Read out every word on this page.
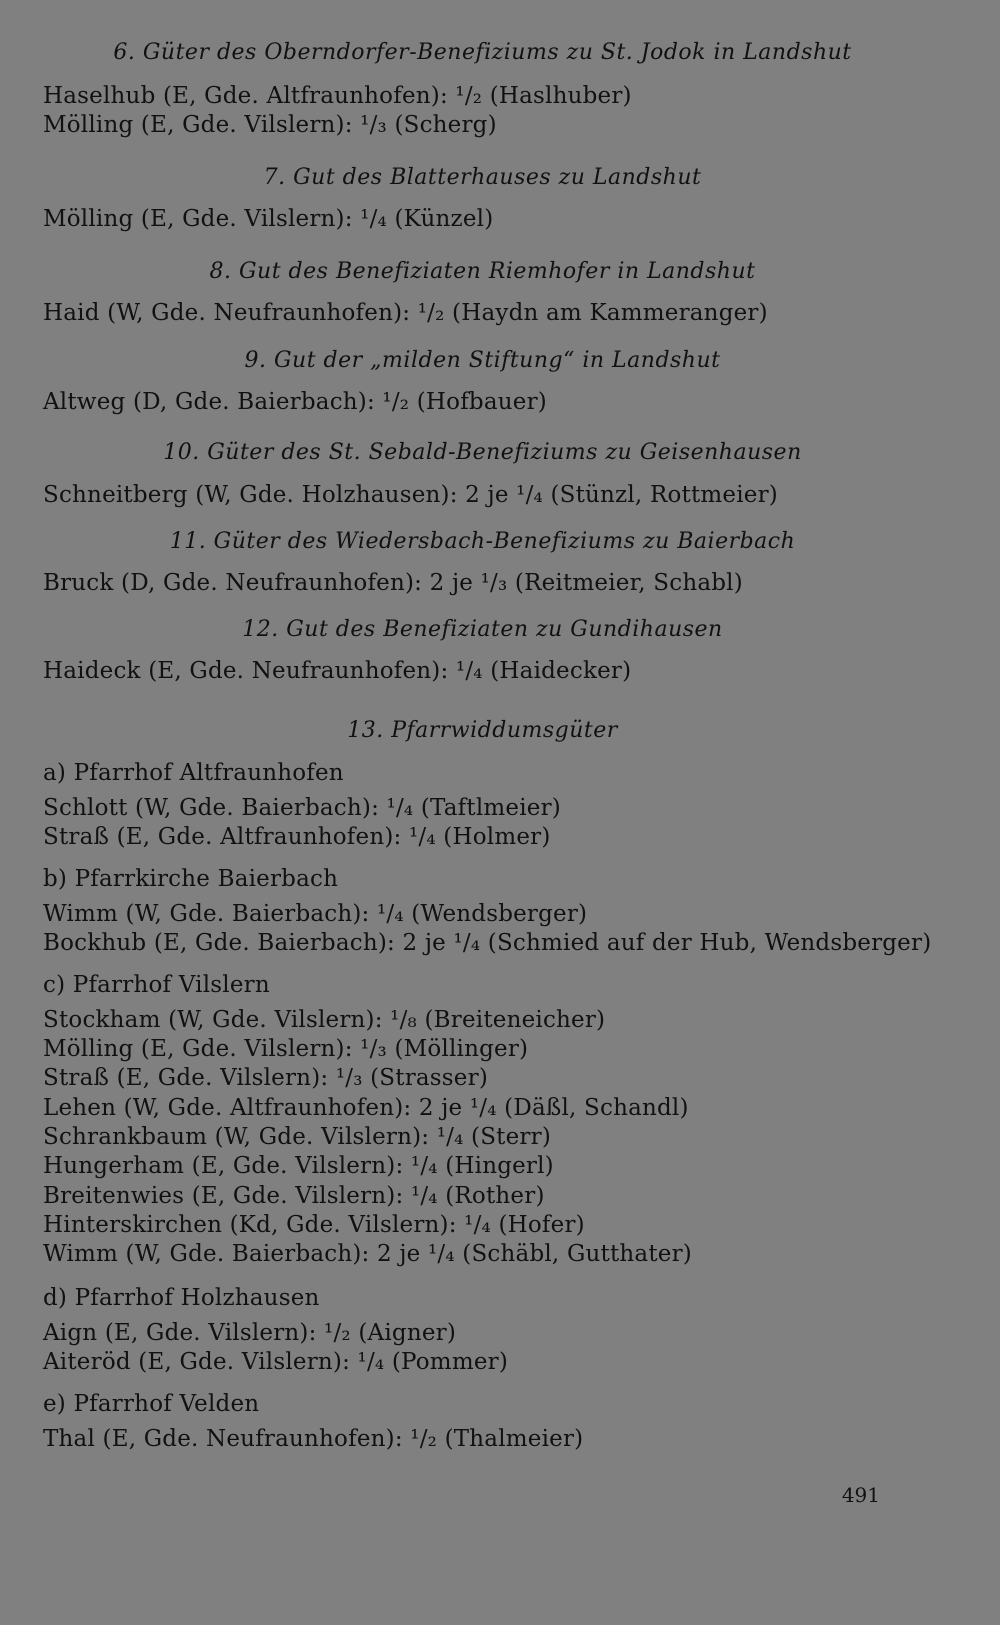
6. Güter des Oberndorfer-Benefiziums zu St. Jodok in Landshut
Haselhub (E, Gde. Altfraunhofen): ¹/₂ (Haslhuber)
Mölling (E, Gde. Vilslern): ¹/₃ (Scherg)
7. Gut des Blatterhauses zu Landshut
Mölling (E, Gde. Vilslern): ¹/₄ (Künzel)
8. Gut des Benefiziaten Riemhofer in Landshut
Haid (W, Gde. Neufraunhofen): ¹/₂ (Haydn am Kammeranger)
9. Gut der „milden Stiftung“ in Landshut
Altweg (D, Gde. Baierbach): ¹/₂ (Hofbauer)
10. Güter des St. Sebald-Benefiziums zu Geisenhausen
Schneitberg (W, Gde. Holzhausen): 2 je ¹/₄ (Stünzl, Rottmeier)
11. Güter des Wiedersbach-Benefiziums zu Baierbach
Bruck (D, Gde. Neufraunhofen): 2 je ¹/₃ (Reitmeier, Schabl)
12. Gut des Benefiziaten zu Gundihausen
Haideck (E, Gde. Neufraunhofen): ¹/₄ (Haidecker)
13. Pfarrwiddumsgüter
a) Pfarrhof Altfraunhofen
Schlott (W, Gde. Baierbach): ¹/₄ (Taftlmeier)
Straß (E, Gde. Altfraunhofen): ¹/₄ (Holmer)
b) Pfarrkirche Baierbach
Wimm (W, Gde. Baierbach): ¹/₄ (Wendsberger)
Bockhub (E, Gde. Baierbach): 2 je ¹/₄ (Schmied auf der Hub, Wendsberger)
c) Pfarrhof Vilslern
Stockham (W, Gde. Vilslern): ¹/₈ (Breiteneicher)
Mölling (E, Gde. Vilslern): ¹/₃ (Möllinger)
Straß (E, Gde. Vilslern): ¹/₃ (Strasser)
Lehen (W, Gde. Altfraunhofen): 2 je ¹/₄ (Däßl, Schandl)
Schrankbaum (W, Gde. Vilslern): ¹/₄ (Sterr)
Hungerham (E, Gde. Vilslern): ¹/₄ (Hingerl)
Breitenwies (E, Gde. Vilslern): ¹/₄ (Rother)
Hinterskirchen (Kd, Gde. Vilslern): ¹/₄ (Hofer)
Wimm (W, Gde. Baierbach): 2 je ¹/₄ (Schäbl, Gutthater)
d) Pfarrhof Holzhausen
Aign (E, Gde. Vilslern): ¹/₂ (Aigner)
Aiteröd (E, Gde. Vilslern): ¹/₄ (Pommer)
e) Pfarrhof Velden
Thal (E, Gde. Neufraunhofen): ¹/₂ (Thalmeier)
491
